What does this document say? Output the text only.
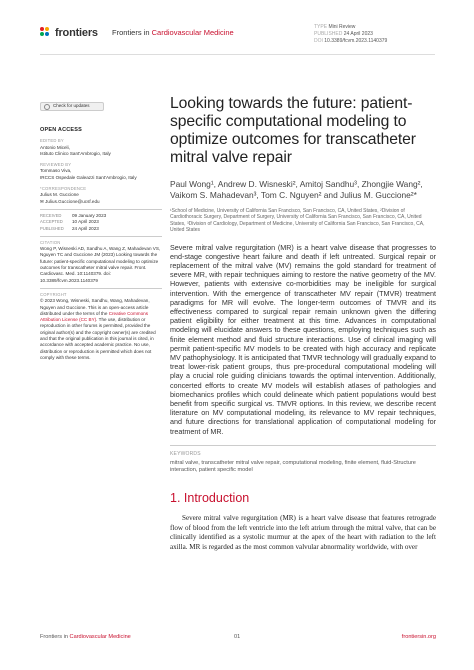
frontiers Frontiers in Cardiovascular Medicine
TYPE Mini Review
PUBLISHED 24 April 2023
DOI 10.3389/fcvm.2023.1140379
Check for updates
OPEN ACCESS
EDITED BY
Antonio Miceli,
Istituto Clinico Sant'Ambrogio, Italy
REVIEWED BY
Tommaso Viva,
IRCCS Ospedale Galeazzi Sant'Ambrogio, Italy
*CORRESPONDENCE
Julius M. Guccione
✉ Julius.Guccione@ucsf.edu
RECEIVED	09 January 2023
ACCEPTED	10 April 2023
PUBLISHED	24 April 2023
CITATION
Wong P, Wisneski AD, Sandhu A, Wang Z, Mahadevan VS, Nguyen TC and Guccione JM (2023) Looking towards the future: patient-specific computational modeling to optimize outcomes for transcatheter mitral valve repair. Front. Cardiovasc. Med. 10:1140379. doi: 10.3389/fcvm.2023.1140379
COPYRIGHT
© 2023 Wong, Wisneski, Sandhu, Wang, Mahadevan, Nguyen and Guccione. This is an open-access article distributed under the terms of the Creative Commons Attribution License (CC BY). The use, distribution or reproduction in other forums is permitted, provided the original author(s) and the copyright owner(s) are credited and that the original publication in this journal is cited, in accordance with accepted academic practice. No use, distribution or reproduction is permitted which does not comply with these terms.
Looking towards the future: patient-specific computational modeling to optimize outcomes for transcatheter mitral valve repair
Paul Wong¹, Andrew D. Wisneski², Amitoj Sandhu³, Zhongjie Wang², Vaikom S. Mahadevan³, Tom C. Nguyen² and Julius M. Guccione²*
¹School of Medicine, University of California San Francisco, San Francisco, CA, United States, ²Division of Cardiothoracic Surgery, Department of Surgery, University of California San Francisco, San Francisco, CA, United States, ³Division of Cardiology, Department of Medicine, University of California San Francisco, San Francisco, CA, United States

Severe mitral valve regurgitation (MR) is a heart valve disease that progresses to end-stage congestive heart failure and death if left untreated. Surgical repair or replacement of the mitral valve (MV) remains the gold standard for treatment of severe MR, with repair techniques aiming to restore the native geometry of the MV. However, patients with extensive co-morbidities may be ineligible for surgical intervention. With the emergence of transcatheter MV repair (TMVR) treatment paradigms for MR will evolve. The longer-term outcomes of TMVR and its effectiveness compared to surgical repair remain unknown given the differing patient eligibility for either treatment at this time. Advances in computational modeling will elucidate answers to these questions, employing techniques such as finite element method and fluid structure interactions. Use of clinical imaging will permit patient-specific MV models to be created with high accuracy and replicate MV pathophysiology. It is anticipated that TMVR technology will gradually expand to treat lower-risk patient groups, thus pre-procedural computational modeling will play a crucial role guiding clinicians towards the optimal intervention. Additionally, concerted efforts to create MV models will establish atlases of pathologies and biomechanics profiles which could delineate which patient populations would best benefit from specific surgical vs. TMVR options. In this review, we describe recent literature on MV computational modeling, its relevance to MV repair techniques, and future directions for translational application of computational modeling for treatment of MR.

KEYWORDS
mitral valve, transcatheter mitral valve repair, computational modeling, finite element, fluid-Structure interaction, patient specific model
1. Introduction

Severe mitral valve regurgitation (MR) is a heart valve disease that features retrograde flow of blood from the left ventricle into the left atrium through the mitral valve, that can be clinically identified as a systolic murmur at the apex of the heart with radiation to the left axilla. MR is regarded as the most common valvular abnormality worldwide, with over

Frontiers in Cardiovascular Medicine	01	frontiersin.org
